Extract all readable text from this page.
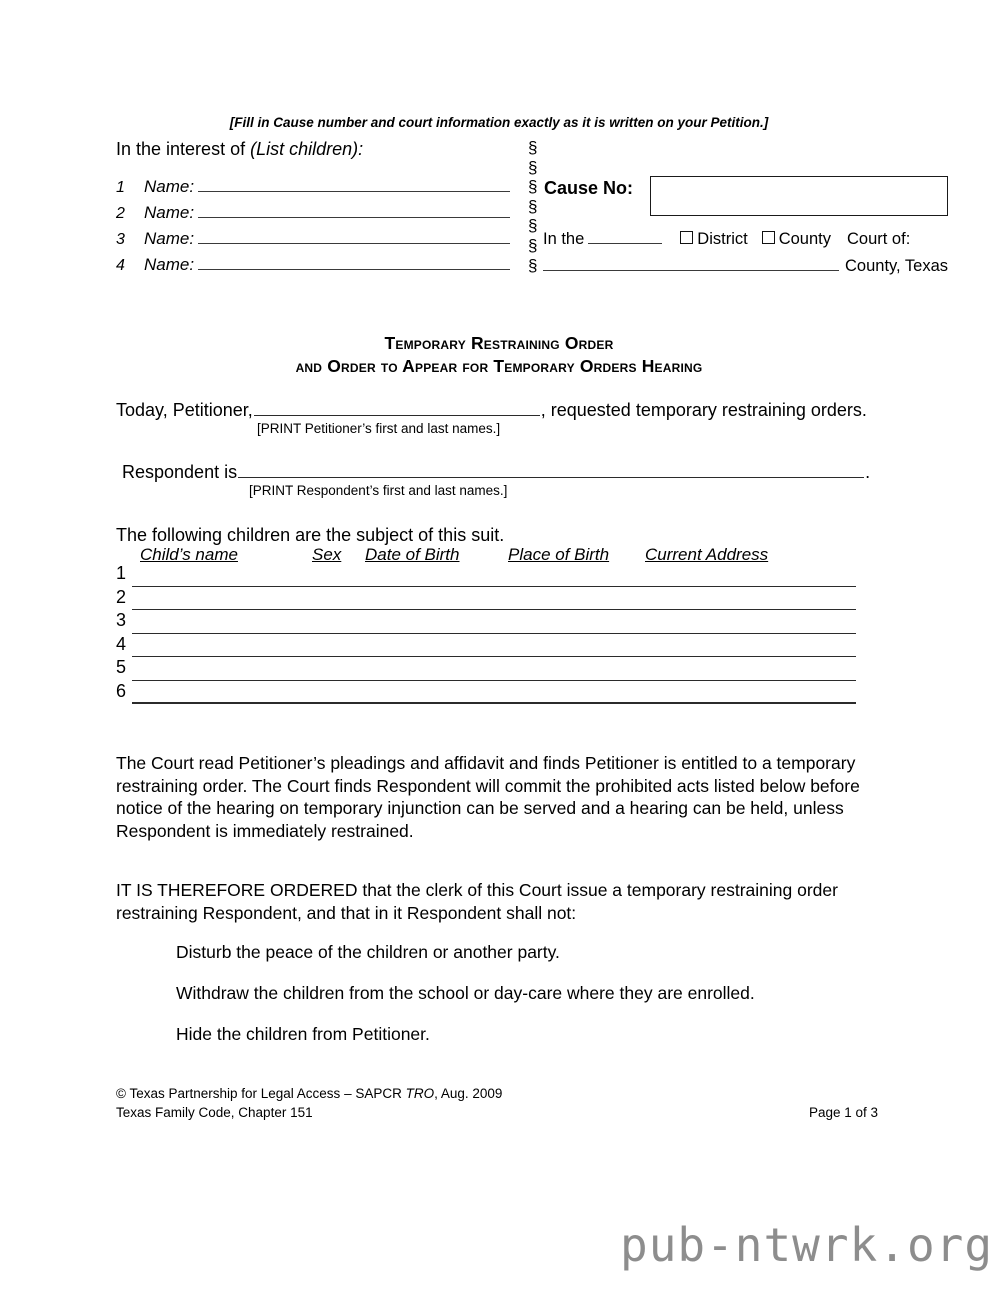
[Fill in Cause number and court information exactly as it is written on your Petition.]
In the interest of (List children):
1	Name:
2	Name:
3	Name:
4	Name:
§
§
§
§
§
§
§
Cause No:
In the	District County Court of:
County, Texas
Temporary Restraining Order
and Order to Appear for Temporary Orders Hearing
Today, Petitioner,	, requested temporary restraining orders.
[PRINT Petitioner’s first and last names.]
Respondent is	.
[PRINT Respondent’s first and last names.]
The following children are the subject of this suit.
Child’s name	Sex Date of Birth	Place of Birth Current Address
1
2
3
4
5
6
The Court read Petitioner’s pleadings and affidavit and finds Petitioner is entitled to a temporary restraining order. The Court finds Respondent will commit the prohibited acts listed below before notice of the hearing on temporary injunction can be served and a hearing can be held, unless Respondent is immediately restrained.
IT IS THEREFORE ORDERED that the clerk of this Court issue a temporary restraining order restraining Respondent, and that in it Respondent shall not:
Disturb the peace of the children or another party.
Withdraw the children from the school or day-care where they are enrolled.
Hide the children from Petitioner.
© Texas Partnership for Legal Access – SAPCR TRO, Aug. 2009
Texas Family Code, Chapter 151	Page 1 of 3
pub-ntwrk.org
